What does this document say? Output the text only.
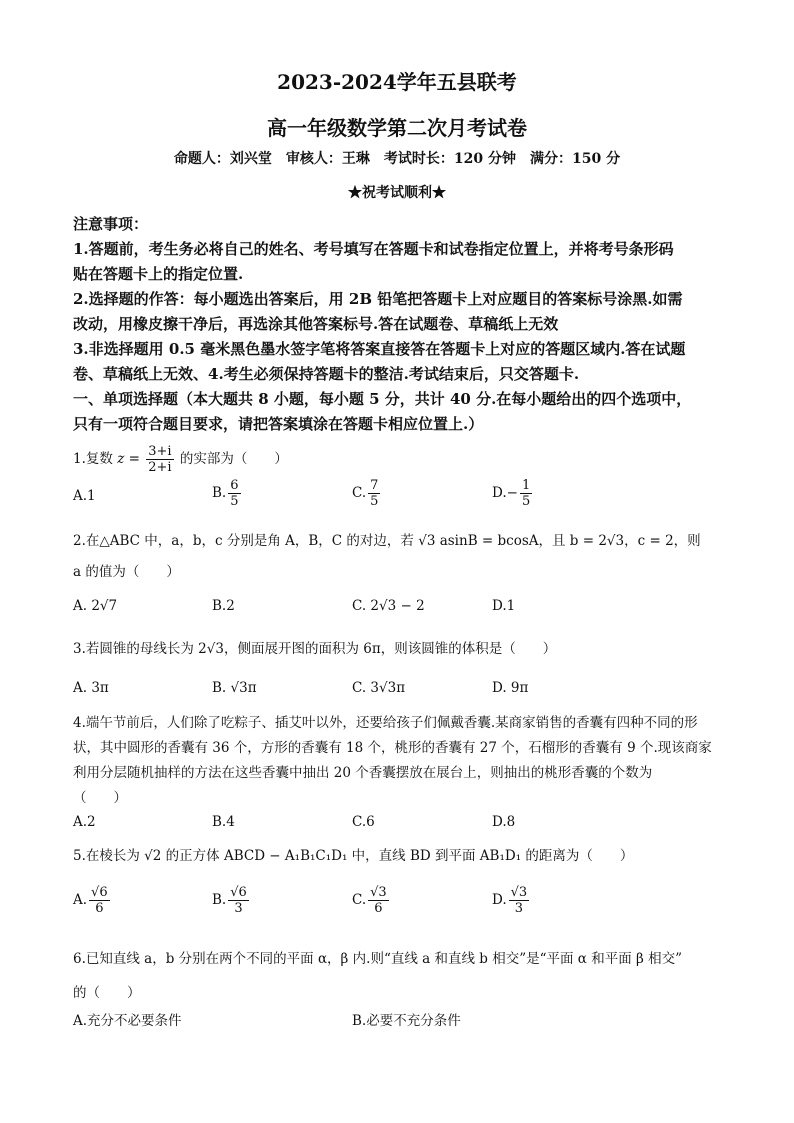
2023-2024学年五县联考
高一年级数学第二次月考试卷
命题人：刘兴堂　审核人：王琳　考试时长：120 分钟　满分：150 分
★祝考试顺利★
注意事项：
1.答题前，考生务必将自己的姓名、考号填写在答题卡和试卷指定位置上，并将考号条形码
贴在答题卡上的指定位置.
2.选择题的作答：每小题选出答案后，用 2B 铅笔把答题卡上对应题目的答案标号涂黑.如需
改动，用橡皮擦干净后，再选涂其他答案标号.答在试题卷、草稿纸上无效
3.非选择题用 0.5 毫米黑色墨水签字笔将答案直接答在答题卡上对应的答题区域内.答在试题
卷、草稿纸上无效、4.考生必须保持答题卡的整洁.考试结束后，只交答题卡.
一、单项选择题（本大题共 8 小题，每小题 5 分，共计 40 分.在每小题给出的四个选项中，
只有一项符合题目要求，请把答案填涂在答题卡相应位置上.）
1.复数 $z = \frac{3+i}{2+i}$ 的实部为（　　）
A.1	B. $\frac{6}{5}$	C. $\frac{7}{5}$	$D.- \frac{1}{5}$
2.在△ABC 中，a，b，c 分别是角 A，B，C 的对边，若 √3 asinB = bcosA，且 b = 2√3，c = 2，则
a 的值为（　　）
A. 2√7	B.2	C. 2√3 − 2	D.1
3.若圆锥的母线长为 2√3，侧面展开图的面积为 6π，则该圆锥的体积是（　　）
A. 3π	B. √3π	C. 3√3π	D. 9π
4.端午节前后，人们除了吃粽子、插艾叶以外，还要给孩子们佩戴香囊.某商家销售的香囊有四种不同的形
状，其中圆形的香囊有 36 个，方形的香囊有 18 个，桃形的香囊有 27 个，石榴形的香囊有 9 个.现该商家
利用分层随机抽样的方法在这些香囊中抽出 20 个香囊摆放在展台上，则抽出的桃形香囊的个数为
（　　）
A.2	B.4	C.6	D.8
5.在棱长为 √2 的正方体 ABCD − A₁B₁C₁D₁ 中，直线 BD 到平面 AB₁D₁ 的距离为（　　）
A. $\frac{√6}{6}$	B. $\frac{√6}{3}$	C. $\frac{√3}{6}$	D. $\frac{√3}{3}$
6.已知直线 a，b 分别在两个不同的平面 α，β 内.则“直线 a 和直线 b 相交”是“平面 α 和平面 β 相交”
的（　　）
A.充分不必要条件	B.必要不充分条件
